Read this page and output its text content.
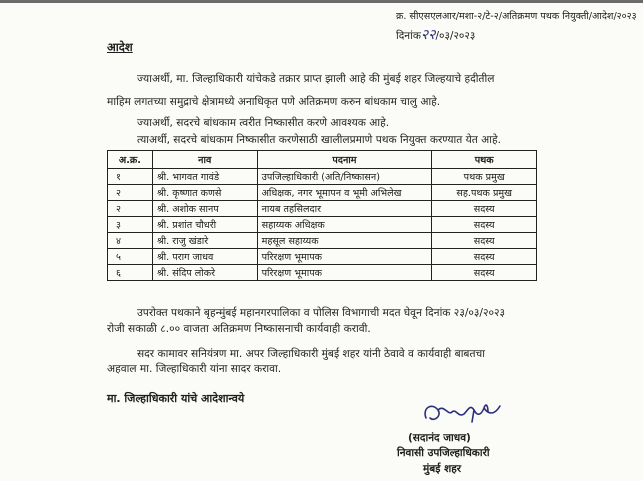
क्र. सीएसएलआर/मशा-२/टे-२/अतिक्रमण पथक नियुक्ती/आदेश/२०२३
दिनांक२२/०३/२०२३
आदेश
ज्याअर्थी, मा. जिल्हाधिकारी यांचेकडे तक्रार प्राप्त झाली आहे की मुंबई शहर जिल्हयाचे हदीतील
माहिम लगतच्या समुद्राचे क्षेत्रामध्ये अनाधिकृत पणे अतिक्रमण करुन बांधकाम चालु आहे.
ज्याअर्थी, सदरचे बांधकाम त्वरीत निष्कासीत करणे आवश्यक आहे.
त्याअर्थी, सदरचे बांधकाम निष्कासीत करणेसाठी खालीलप्रमाणे पथक नियुक्त करण्यात येत आहे.
अ.क्र.	नाव	पदनाम	पथक
१	श्री. भागवत गावंडे	उपजिल्हाधिकारी (अति/निष्कासन)	पथक प्रमुख
२	श्री. कृष्णात कणसे	अधिक्षक, नगर भूमापन व भूमी अभिलेख	सह.पथक प्रमुख
२	श्री. अशोक सानप	नायब तहसिलदार	सदस्य
३	श्री. प्रशांत चौधरी	सहाय्यक अधिक्षक	सदस्य
४	श्री. राजु खंडारे	महसूल सहाय्यक	सदस्य
५	श्री. पराग जाधव	परिरक्षण भूमापक	सदस्य
६	श्री. संदिप लोकरे	परिरक्षण भूमापक	सदस्य
उपरोक्त पथकाने बृहन्मुंबई महानगरपालिका व पोलिस विभागाची मदत घेवून दिनांक २३/०३/२०२३
रोजी सकाळी ८.०० वाजता अतिक्रमण निष्कासनाची कार्यवाही करावी.
सदर कामावर सनियंत्रण मा. अपर जिल्हाधिकारी मुंबई शहर यांनी ठेवावे व कार्यवाही बाबतचा
अहवाल मा. जिल्हाधिकारी यांना सादर करावा.
मा. जिल्हाधिकारी यांचे आदेशान्वये
(सदानंद जाधव)
निवासी उपजिल्हाधिकारी
मुंबई शहर
